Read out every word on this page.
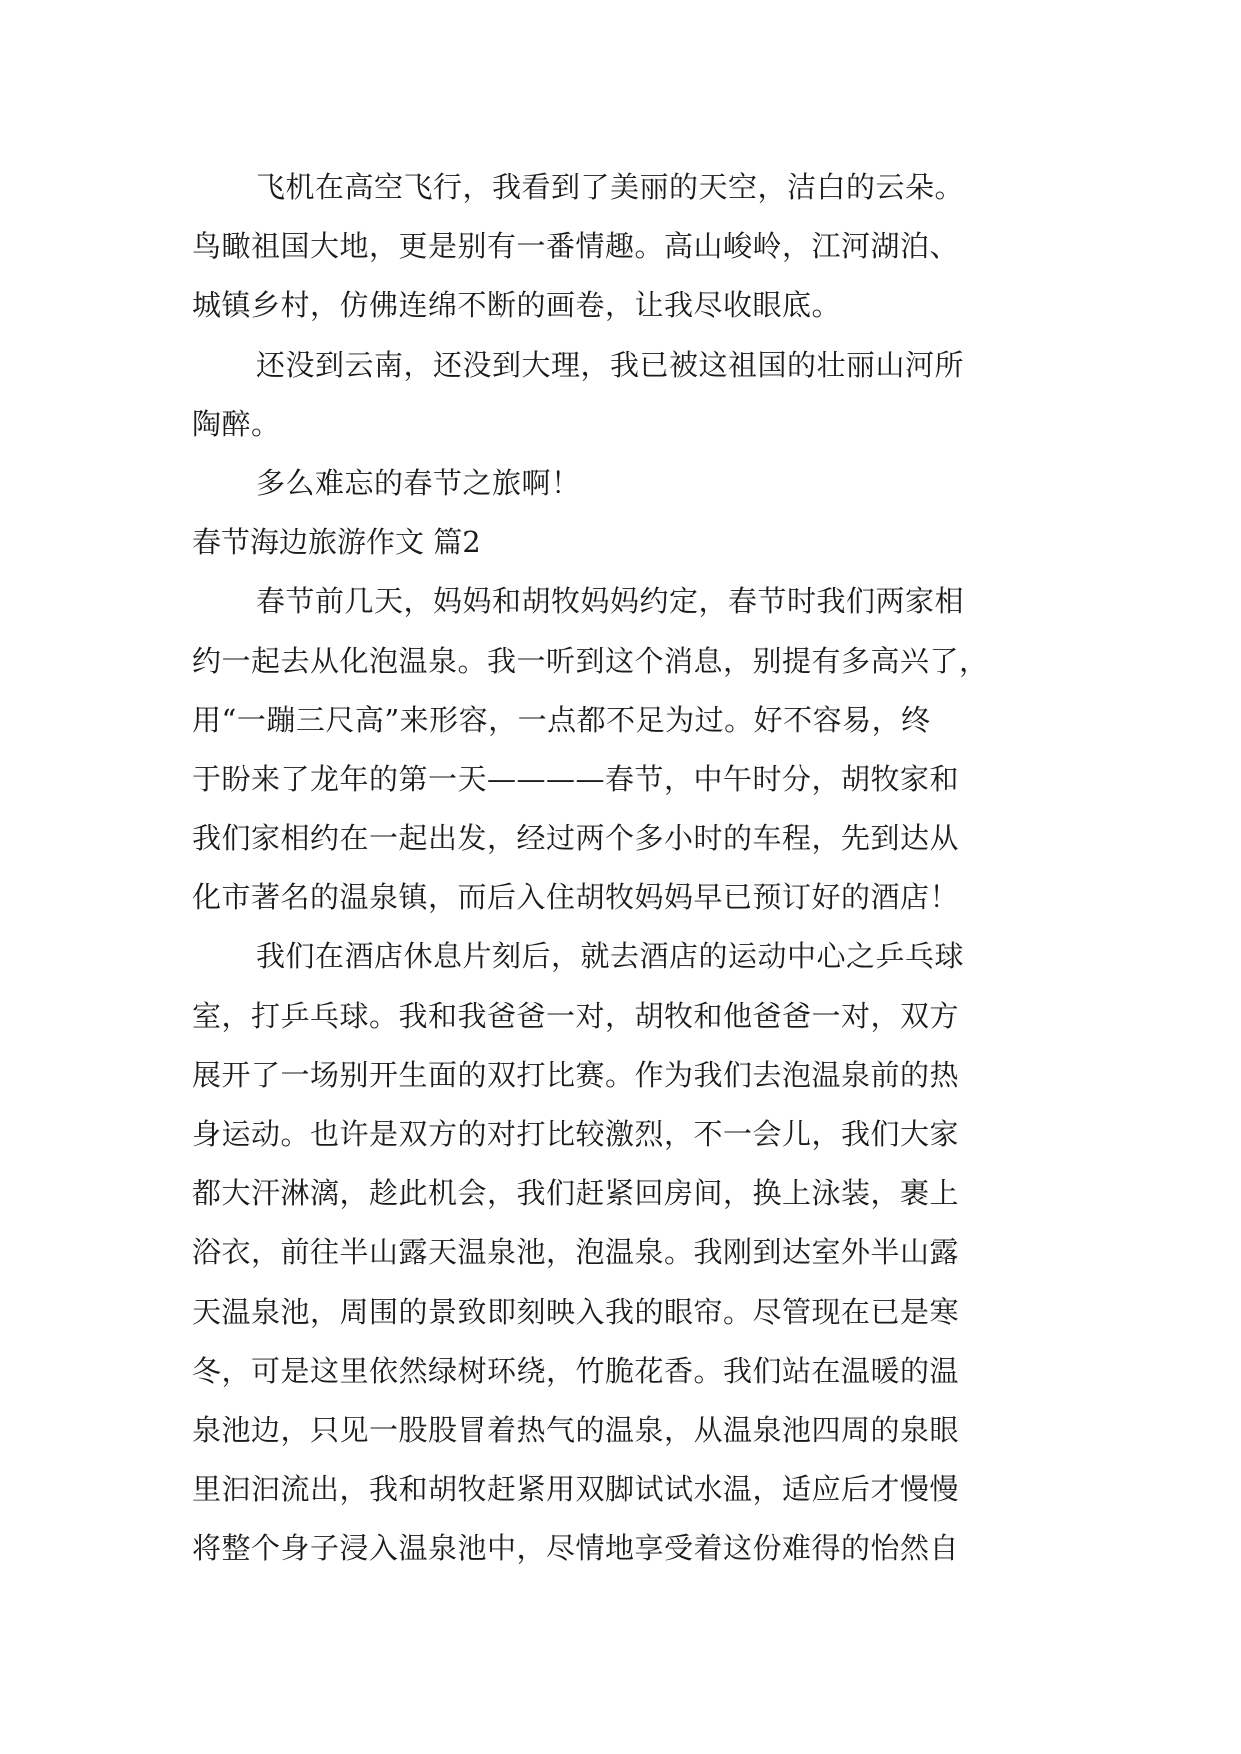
飞机在高空飞行，我看到了美丽的天空，洁白的云朵。
鸟瞰祖国大地，更是别有一番情趣。高山峻岭，江河湖泊、
城镇乡村，仿佛连绵不断的画卷，让我尽收眼底。
还没到云南，还没到大理，我已被这祖国的壮丽山河所
陶醉。
多么难忘的春节之旅啊！
春节海边旅游作文 篇2
春节前几天，妈妈和胡牧妈妈约定，春节时我们两家相
约一起去从化泡温泉。我一听到这个消息，别提有多高兴了，
用“一蹦三尺高”来形容，一点都不足为过。好不容易，终
于盼来了龙年的第一天————春节，中午时分，胡牧家和
我们家相约在一起出发，经过两个多小时的车程，先到达从
化市著名的温泉镇，而后入住胡牧妈妈早已预订好的酒店！
我们在酒店休息片刻后，就去酒店的运动中心之乒乓球
室，打乒乓球。我和我爸爸一对，胡牧和他爸爸一对，双方
展开了一场别开生面的双打比赛。作为我们去泡温泉前的热
身运动。也许是双方的对打比较激烈，不一会儿，我们大家
都大汗淋漓，趁此机会，我们赶紧回房间，换上泳装，裹上
浴衣，前往半山露天温泉池，泡温泉。我刚到达室外半山露
天温泉池，周围的景致即刻映入我的眼帘。尽管现在已是寒
冬，可是这里依然绿树环绕，竹脆花香。我们站在温暖的温
泉池边，只见一股股冒着热气的温泉，从温泉池四周的泉眼
里汩汩流出，我和胡牧赶紧用双脚试试水温，适应后才慢慢
将整个身子浸入温泉池中，尽情地享受着这份难得的怡然自
